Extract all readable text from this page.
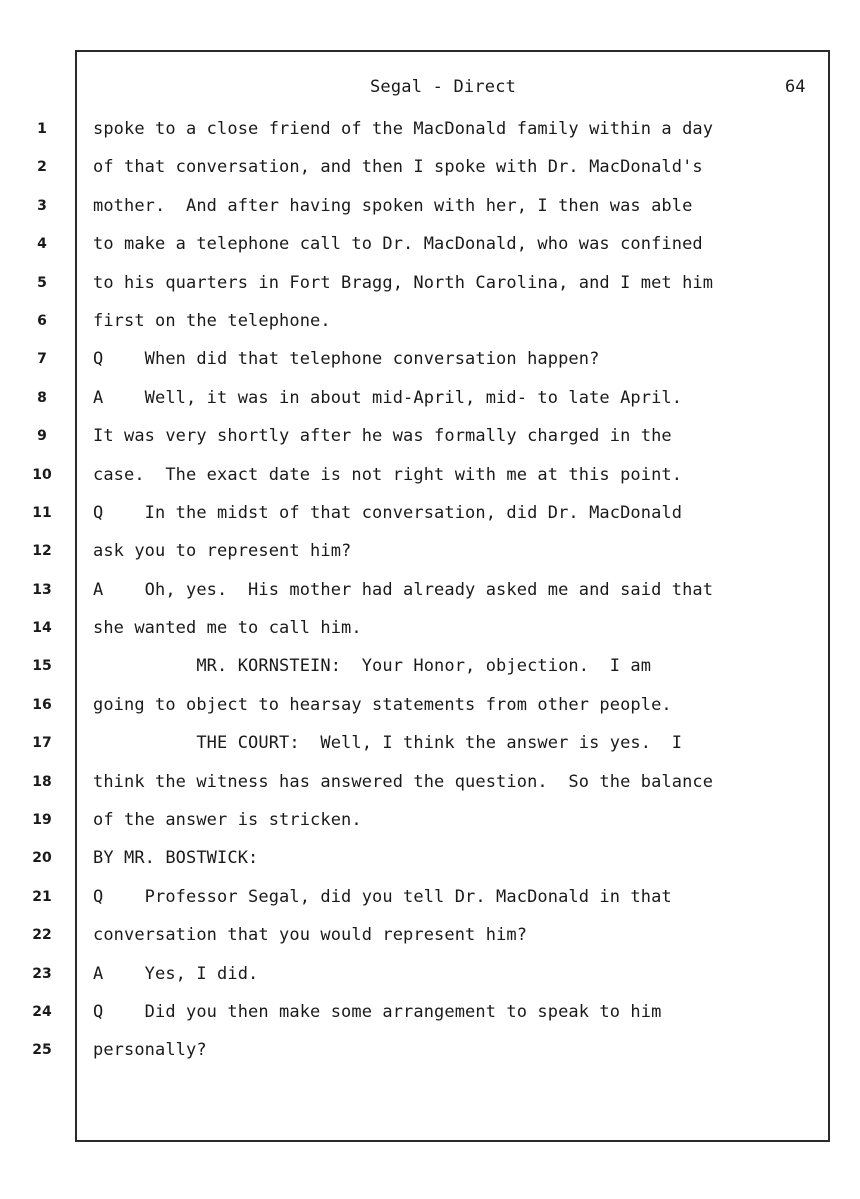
Segal - Direct	64
1	spoke to a close friend of the MacDonald family within a day
2	of that conversation, and then I spoke with Dr. MacDonald's
3	mother.  And after having spoken with her, I then was able
4	to make a telephone call to Dr. MacDonald, who was confined
5	to his quarters in Fort Bragg, North Carolina, and I met him
6	first on the telephone.
7	Q    When did that telephone conversation happen?
8	A    Well, it was in about mid-April, mid- to late April.
9	It was very shortly after he was formally charged in the
10	case.  The exact date is not right with me at this point.
11	Q    In the midst of that conversation, did Dr. MacDonald
12	ask you to represent him?
13	A    Oh, yes.  His mother had already asked me and said that
14	she wanted me to call him.
15	MR. KORNSTEIN:  Your Honor, objection.  I am
16	going to object to hearsay statements from other people.
17	THE COURT:  Well, I think the answer is yes.  I
18	think the witness has answered the question.  So the balance
19	of the answer is stricken.
20	BY MR. BOSTWICK:
21	Q    Professor Segal, did you tell Dr. MacDonald in that
22	conversation that you would represent him?
23	A    Yes, I did.
24	Q    Did you then make some arrangement to speak to him
25	personally?
